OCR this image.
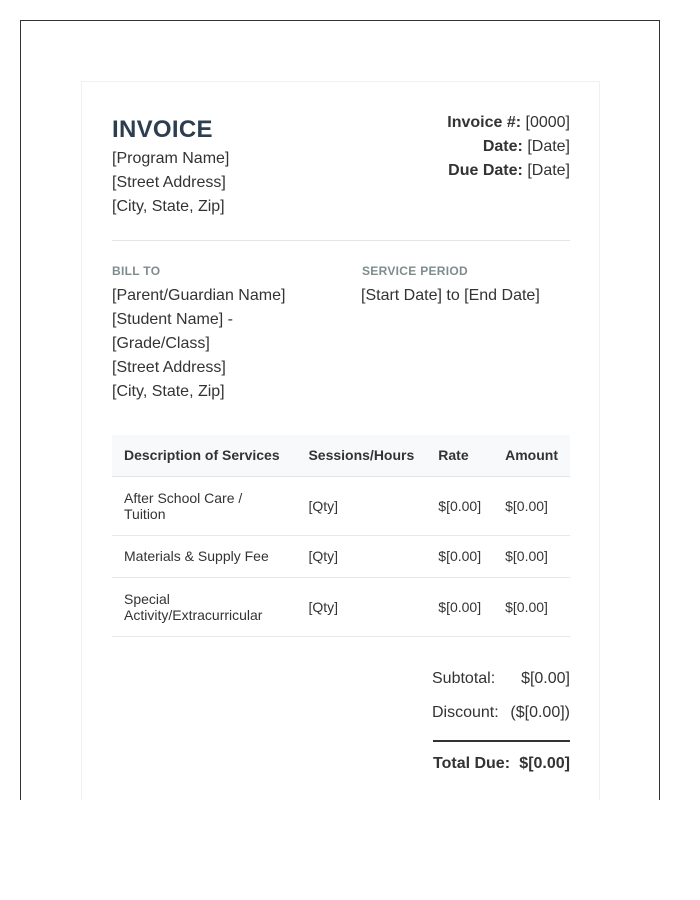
INVOICE
[Program Name]
[Street Address]
[City, State, Zip]
Invoice #: [0000]
Date: [Date]
Due Date: [Date]
BILL TO
[Parent/Guardian Name]
[Student Name] -
[Grade/Class]
[Street Address]
[City, State, Zip]
SERVICE PERIOD
[Start Date] to [End Date]
Description of Services	Sessions/Hours	Rate	Amount
After School Care / Tuition	[Qty]	$[0.00]	$[0.00]
Materials & Supply Fee	[Qty]	$[0.00]	$[0.00]
Special Activity/Extracurricular	[Qty]	$[0.00]	$[0.00]
Subtotal: $[0.00]
Discount: ($[0.00])
Total Due: $[0.00]
